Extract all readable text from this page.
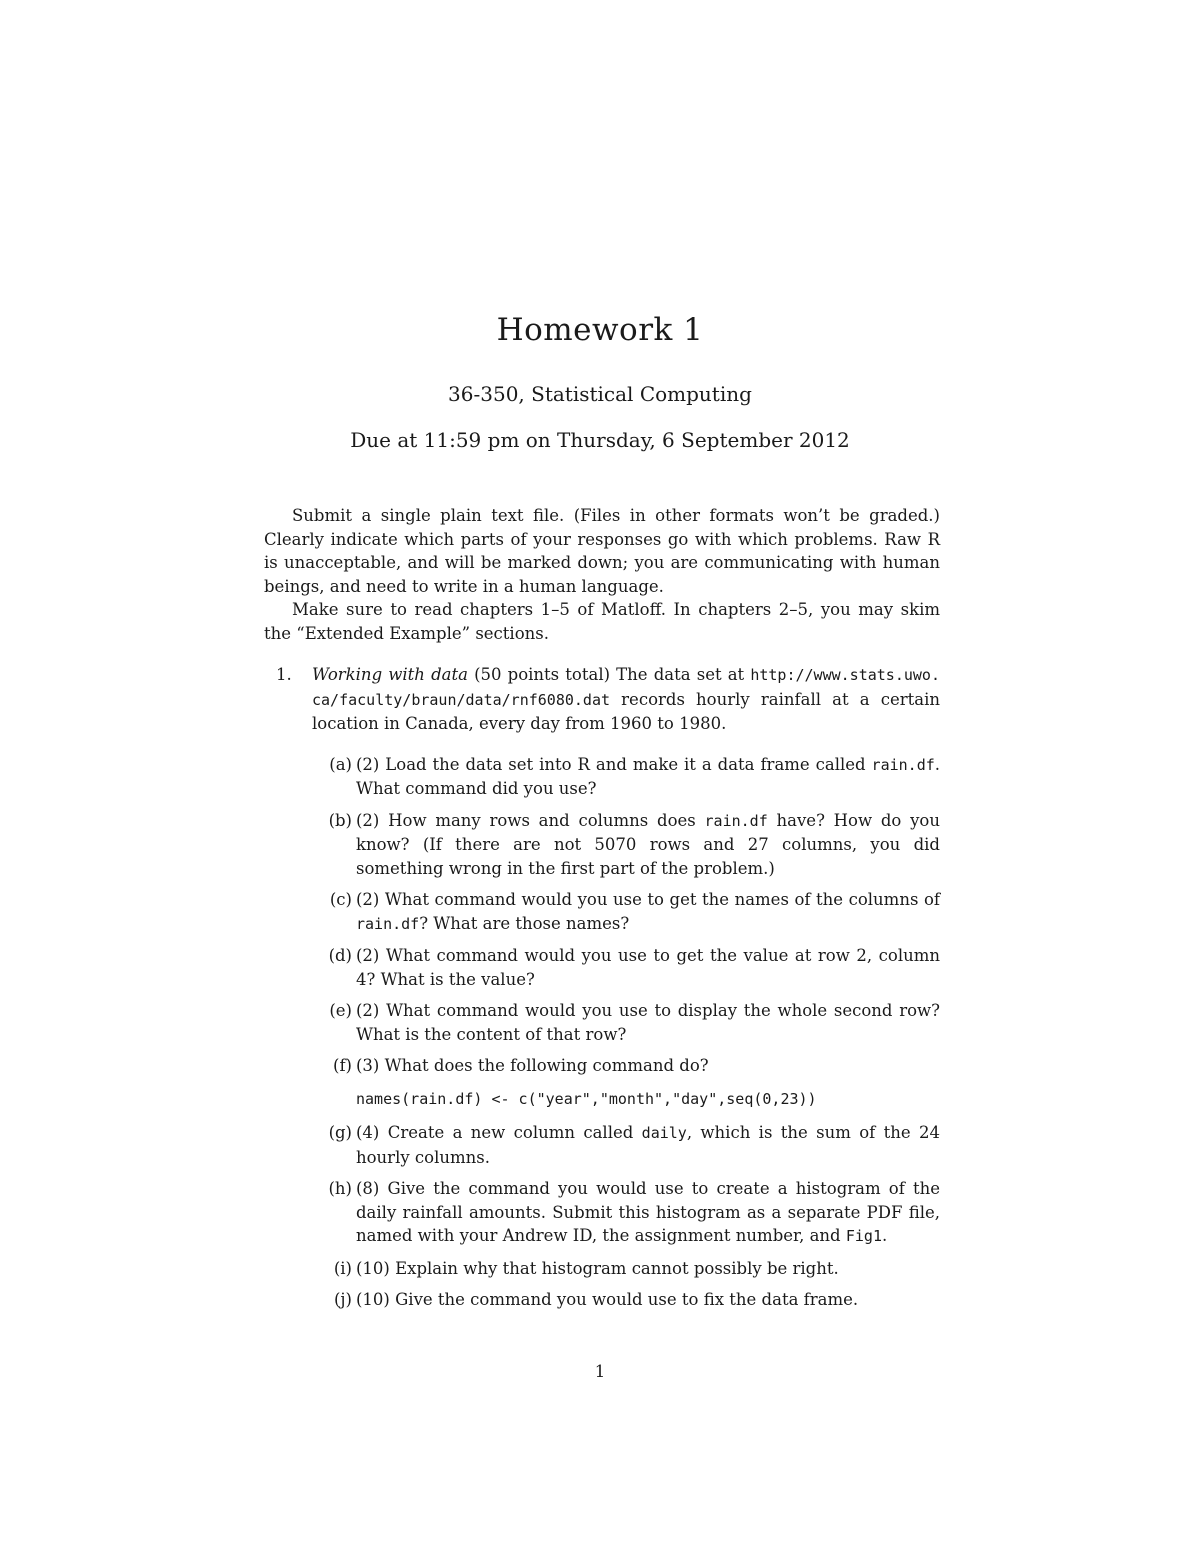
Homework 1
36-350, Statistical Computing
Due at 11:59 pm on Thursday, 6 September 2012

Submit a single plain text file. (Files in other formats won’t be graded.) Clearly indicate which parts of your responses go with which problems. Raw R is unacceptable, and will be marked down; you are communicating with human beings, and need to write in a human language.

Make sure to read chapters 1–5 of Matloff. In chapters 2–5, you may skim the “Extended Example” sections.

1. Working with data (50 points total) The data set at http://www.stats.uwo.ca/faculty/braun/data/rnf6080.dat records hourly rainfall at a certain location in Canada, every day from 1960 to 1980.

(a) (2) Load the data set into R and make it a data frame called rain.df. What command did you use?
(b) (2) How many rows and columns does rain.df have? How do you know? (If there are not 5070 rows and 27 columns, you did something wrong in the first part of the problem.)
(c) (2) What command would you use to get the names of the columns of rain.df? What are those names?
(d) (2) What command would you use to get the value at row 2, column 4? What is the value?
(e) (2) What command would you use to display the whole second row? What is the content of that row?
(f) (3) What does the following command do?
names(rain.df) <- c("year","month","day",seq(0,23))
(g) (4) Create a new column called daily, which is the sum of the 24 hourly columns.
(h) (8) Give the command you would use to create a histogram of the daily rainfall amounts. Submit this histogram as a separate PDF file, named with your Andrew ID, the assignment number, and Fig1.
(i) (10) Explain why that histogram cannot possibly be right.
(j) (10) Give the command you would use to fix the data frame.
1
